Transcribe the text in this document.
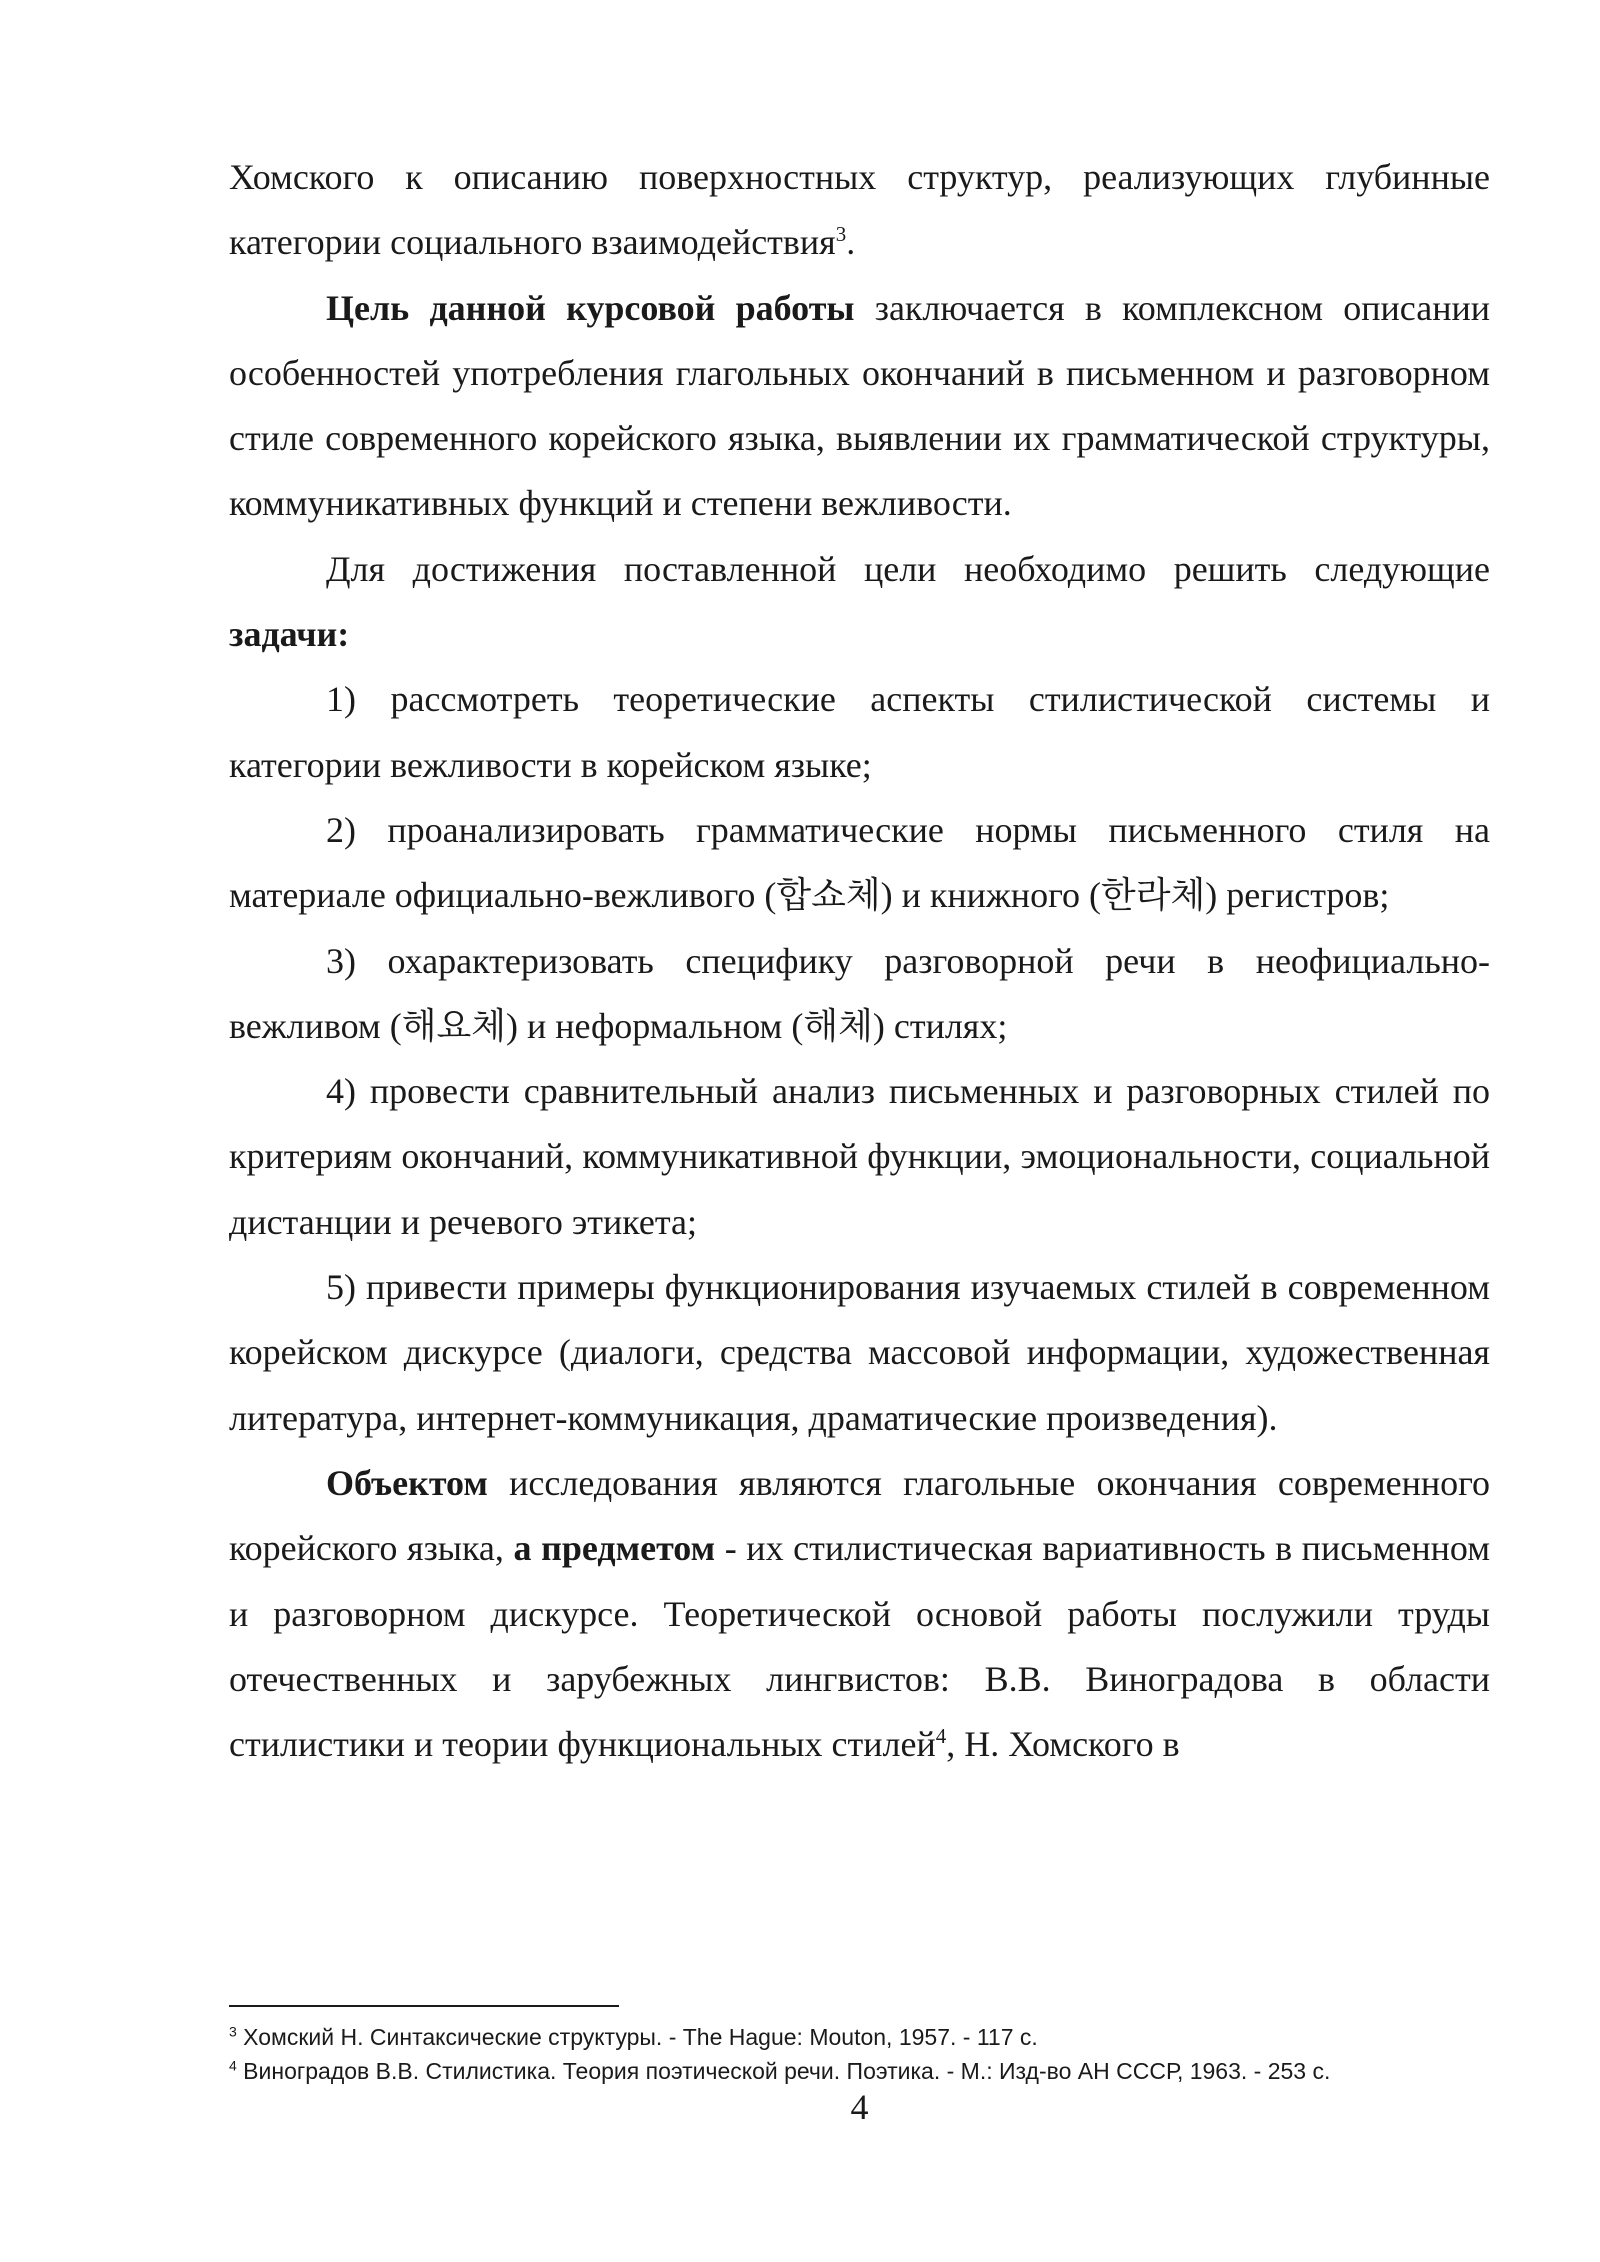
Хомского к описанию поверхностных структур, реализующих глубинные категории социального взаимодействия$^3$.

Цель данной курсовой работы заключается в комплексном описании особенностей употребления глагольных окончаний в письменном и разговорном стиле современного корейского языка, выявлении их грамматической структуры, коммуникативных функций и степени вежливости.

Для достижения поставленной цели необходимо решить следующие задачи:

1) рассмотреть теоретические аспекты стилистической системы и категории вежливости в корейском языке;

2) проанализировать грамматические нормы письменного стиля на материале официально-вежливого (합쇼체) и книжного (한라체) регистров;

3) охарактеризовать специфику разговорной речи в неофициально-вежливом (해요체) и неформальном (해체) стилях;

4) провести сравнительный анализ письменных и разговорных стилей по критериям окончаний, коммуникативной функции, эмоциональности, социальной дистанции и речевого этикета;

5) привести примеры функционирования изучаемых стилей в современном корейском дискурсе (диалоги, средства массовой информации, художественная литература, интернет-коммуникация, драматические произведения).

Объектом исследования являются глагольные окончания современного корейского языка, а предметом - их стилистическая вариативность в письменном и разговорном дискурсе. Теоретической основой работы послужили труды отечественных и зарубежных лингвистов: В.В. Виноградова в области стилистики и теории функциональных стилей$^4$, Н. Хомского в

$^3$ Хомский Н. Синтаксические структуры. - The Hague: Mouton, 1957. - 117 с.

$^4$ Виноградов В.В. Стилистика. Теория поэтической речи. Поэтика. - М.: Изд-во АН СССР, 1963. - 253 с.

4
